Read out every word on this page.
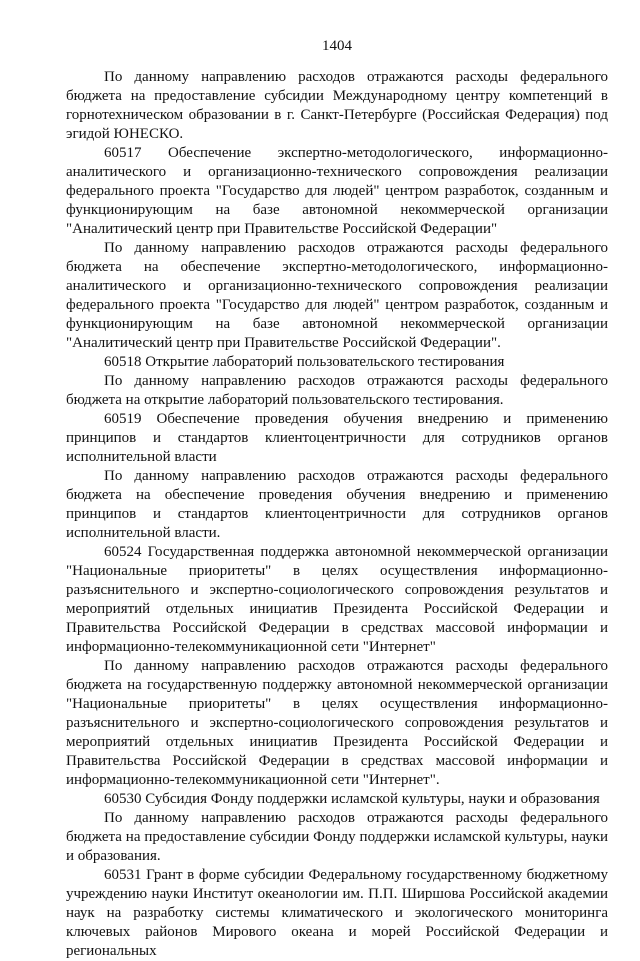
1404

По данному направлению расходов отражаются расходы федерального бюджета на предоставление субсидии Международному центру компетенций в горнотехническом образовании в г. Санкт-Петербурге (Российская Федерация) под эгидой ЮНЕСКО.

60517 Обеспечение экспертно-методологического, информационно-аналитического и организационно-технического сопровождения реализации федерального проекта "Государство для людей" центром разработок, созданным и функционирующим на базе автономной некоммерческой организации "Аналитический центр при Правительстве Российской Федерации"

По данному направлению расходов отражаются расходы федерального бюджета на обеспечение экспертно-методологического, информационно-аналитического и организационно-технического сопровождения реализации федерального проекта "Государство для людей" центром разработок, созданным и функционирующим на базе автономной некоммерческой организации "Аналитический центр при Правительстве Российской Федерации".

60518 Открытие лабораторий пользовательского тестирования

По данному направлению расходов отражаются расходы федерального бюджета на открытие лабораторий пользовательского тестирования.

60519 Обеспечение проведения обучения внедрению и применению принципов и стандартов клиентоцентричности для сотрудников органов исполнительной власти

По данному направлению расходов отражаются расходы федерального бюджета на обеспечение проведения обучения внедрению и применению принципов и стандартов клиентоцентричности для сотрудников органов исполнительной власти.

60524 Государственная поддержка автономной некоммерческой организации "Национальные приоритеты" в целях осуществления информационно-разъяснительного и экспертно-социологического сопровождения результатов и мероприятий отдельных инициатив Президента Российской Федерации и Правительства Российской Федерации в средствах массовой информации и информационно-телекоммуникационной сети "Интернет"

По данному направлению расходов отражаются расходы федерального бюджета на государственную поддержку автономной некоммерческой организации "Национальные приоритеты" в целях осуществления информационно-разъяснительного и экспертно-социологического сопровождения результатов и мероприятий отдельных инициатив Президента Российской Федерации и Правительства Российской Федерации в средствах массовой информации и информационно-телекоммуникационной сети "Интернет".

60530 Субсидия Фонду поддержки исламской культуры, науки и образования

По данному направлению расходов отражаются расходы федерального бюджета на предоставление субсидии Фонду поддержки исламской культуры, науки и образования.

60531 Грант в форме субсидии Федеральному государственному бюджетному учреждению науки Институт океанологии им. П.П. Ширшова Российской академии наук на разработку системы климатического и экологического мониторинга ключевых районов Мирового океана и морей Российской Федерации и региональных
